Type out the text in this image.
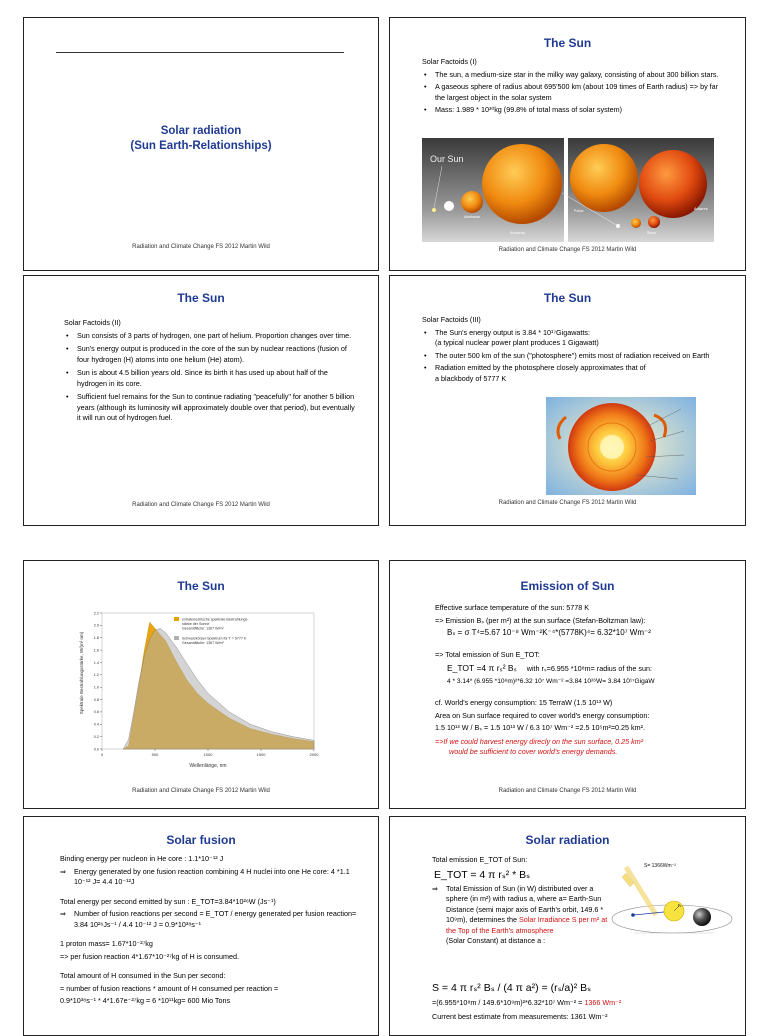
Solar radiation
(Sun Earth-Relationships)
Radiation and Climate Change FS 2012 Martin Wild
The Sun

Solar Factoids (I)

• The sun, a medium-size star in the milky way galaxy, consisting of about 300 billion stars.

• A gaseous sphere of radius about 695'500 km (about 109 times of Earth radius) => by far the largest object in the solar system

• Mass: 1.989 * 10³⁰kg (99.8% of total mass of solar system)

Our Sun
Arcturus
Aldebaran
Antares
Pollux
Sirius
Radiation and Climate Change FS 2012 Martin Wild
The Sun

Solar Factoids (II)

• Sun consists of 3 parts of hydrogen, one part of helium. Proportion changes over time.

• Sun's energy output is produced in the core of the sun by nuclear reactions (fusion of four hydrogen (H) atoms into one helium (He) atom).

• Sun is about 4.5 billion years old. Since its birth it has used up about half of the hydrogen in its core.

• Sufficient fuel remains for the Sun to continue radiating "peacefully" for another 5 billion years (although its luminosity will approximately double over that period), but eventually it will run out of hydrogen fuel.

Radiation and Climate Change FS 2012 Martin Wild
The Sun

Solar Factoids (III)

• The Sun's energy output is 3.84 * 10¹⁷Gigawatts:

(a typical nuclear power plant produces 1 Gigawatt)

• The outer 500 km of the sun ("photosphere") emits most of radiation received on Earth

• Radiation emitted by the photosphere closely approximates that of a blackbody of 5777 K

Radiation and Climate Change FS 2012 Martin Wild
The Sun
Spektrale Bestrahlungsstärke, W/(m² nm)
Wellenlänge, nm
0.0
0.2
0.4
0.6
0.8
1.0
1.2
1.4
1.6
1.8
2.0
2.2
0	500	1000	1500	2000
extraterrestrische spektrale Bestrahlungs-
stärke der Sonne
Gesamtfläche: 1367 W/m²
Schwarzkörper-Spektrum für T = 5777 K
Gesamtfläche: 1367 W/m²
Radiation and Climate Change FS 2012 Martin Wild
Emission of Sun

Effective surface temperature of the sun: 5778 K

=> Emission Bₛ (per m²) at the sun surface (Stefan-Boltzman law):

Bₛ = σ T⁴=5.67 10⁻⁸ Wm⁻²K⁻⁴*(5778K)⁴= 6.32*10⁷ Wm⁻²

=> Total emission of Sun E_TOT:

E_TOT =4 π rₛ² Bₛ with rₛ=6.955 *10⁸m= radius of the sun:

4 * 3.14* (6.955 *10⁸m)²*6.32 10⁷ Wm⁻² =3.84 10²⁶W= 3.84 10¹⁷GigaW

cf. World's energy consumption: 15 TerraW (1.5 10¹³ W)

Area on Sun surface required to cover world's energy consumption:

1.5 10¹³ W / Bₛ = 1.5 10¹³ W / 6.3 10⁷ Wm⁻² =2.5 10⁵m²=0.25 km².

=>If we could harvest energy direcly on the sun surface, 0.25 km²

would be sufficient to cover world's energy demands.

Radiation and Climate Change FS 2012 Martin Wild
Solar fusion

Binding energy per nucleon in He core : 1.1*10⁻¹² J

⇒ Energy generated by one fusion reaction combining 4 H nuclei into one He core: 4 *1.1 10⁻¹² J= 4.4 10⁻¹²J

Total energy per second emitted by sun : E_TOT=3.84*10²⁶W (Js⁻¹)

⇒ Number of fusion reactions per second = E_TOT / energy generated per fusion reaction= 3.84 10²⁶Js⁻¹ / 4.4 10⁻¹² J = 0.9*10³⁸s⁻¹

1 proton mass= 1.67*10⁻²⁷kg

=> per fusion reaction 4*1.67*10⁻²⁷kg of H is consumed.

Total amount of H consumed in the Sun per second:

= number of fusion reactions * amount of H consumed per reaction =

0.9*10³⁸s⁻¹ * 4*1.67e⁻²⁷kg = 6 *10¹¹kg= 600 Mio Tons

Solar radiation

Total emission E_TOT of Sun:

E_TOT = 4 π rₛ² * Bₛ

⇒ Total Emission of Sun (in W) distributed over a sphere (in m²) with radius a, where a= Earth-Sun Distance (semi major axis of Earth's orbit, 149.6 * 10⁹m), determines the Solar Irradiance S per m² at the Top of the Earth's atmosphere

(Solar Constant) at distance a :

S = 4 π rₛ² Bₛ / (4 π a²) = (rₛ/a)² Bₛ

=(6.955*10⁸m / 149.6*10⁹m)²*6.32*10⁷ Wm⁻² = 1366 Wm⁻²

Current best estimate from measurements: 1361 Wm⁻²

S= 1366Wm⁻²
rₛ
